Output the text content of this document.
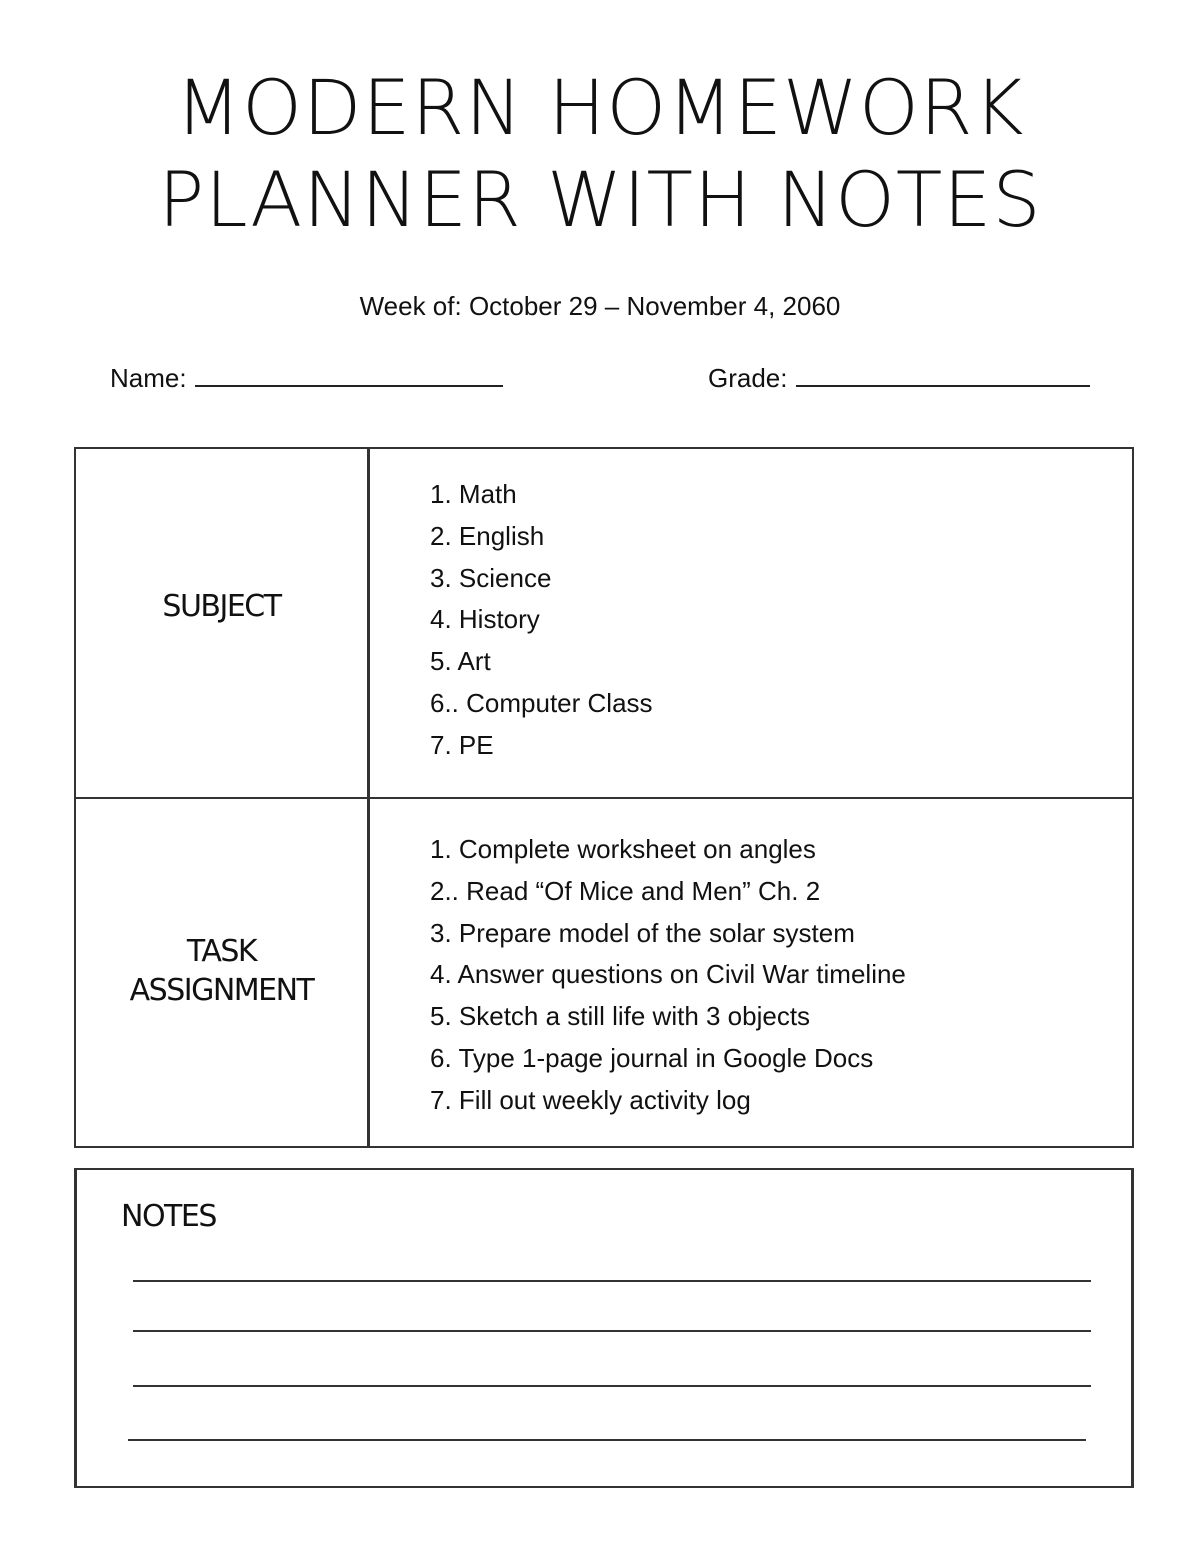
MODERN HOMEWORK
PLANNER WITH NOTES
Week of: October 29 – November 4, 2060
Name:	Grade:
SUBJECT
1. Math
2. English
3. Science
4. History
5. Art
6.. Computer Class
7. PE
TASK
ASSIGNMENT
1. Complete worksheet on angles
2.. Read “Of Mice and Men” Ch. 2
3. Prepare model of the solar system
4. Answer questions on Civil War timeline
5. Sketch a still life with 3 objects
6. Type 1-page journal in Google Docs
7. Fill out weekly activity log
NOTES
